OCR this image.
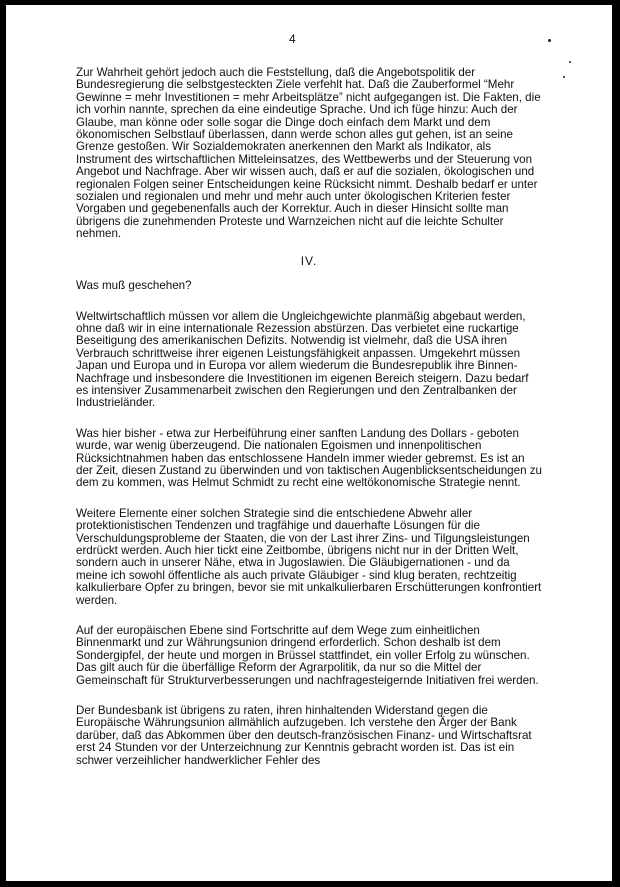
4

Zur Wahrheit gehört jedoch auch die Feststellung, daß die Angebotspolitik der Bundesregierung die selbstgesteckten Ziele verfehlt hat. Daß die Zauberformel “Mehr Gewinne = mehr Investitionen = mehr Arbeitsplätze” nicht aufgegangen ist. Die Fakten, die ich vorhin nannte, sprechen da eine eindeutige Sprache. Und ich füge hinzu: Auch der Glaube, man könne oder solle sogar die Dinge doch einfach dem Markt und dem ökonomischen Selbstlauf überlassen, dann werde schon alles gut gehen, ist an seine Grenze gestoßen. Wir Sozialdemokraten anerkennen den Markt als Indikator, als Instrument des wirtschaftlichen Mitteleinsatzes, des Wettbewerbs und der Steuerung von Angebot und Nachfrage. Aber wir wissen auch, daß er auf die sozialen, ökologischen und regionalen Folgen seiner Entscheidungen keine Rücksicht nimmt. Deshalb bedarf er unter sozialen und regionalen und mehr und mehr auch unter ökologischen Kriterien fester Vorgaben und gegebenenfalls auch der Korrektur. Auch in dieser Hinsicht sollte man übrigens die zunehmenden Proteste und Warnzeichen nicht auf die leichte Schulter nehmen.

IV.

Was muß geschehen?

Weltwirtschaftlich müssen vor allem die Ungleichgewichte planmäßig abgebaut werden, ohne daß wir in eine internationale Rezession abstürzen. Das verbietet eine ruckartige Beseitigung des amerikanischen Defizits. Notwendig ist vielmehr, daß die USA ihren Verbrauch schrittweise ihrer eigenen Leistungsfähigkeit anpassen. Umgekehrt müssen Japan und Europa und in Europa vor allem wiederum die Bundesrepublik ihre Binnen-Nachfrage und insbesondere die Investitionen im eigenen Bereich steigern. Dazu bedarf es intensiver Zusammenarbeit zwischen den Regierungen und den Zentralbanken der Industrieländer.

Was hier bisher - etwa zur Herbeiführung einer sanften Landung des Dollars - geboten wurde, war wenig überzeugend. Die nationalen Egoismen und innenpolitischen Rücksichtnahmen haben das entschlossene Handeln immer wieder gebremst. Es ist an der Zeit, diesen Zustand zu überwinden und von taktischen Augenblicksentscheidungen zu dem zu kommen, was Helmut Schmidt zu recht eine weltökonomische Strategie nennt.

Weitere Elemente einer solchen Strategie sind die entschiedene Abwehr aller protektionistischen Tendenzen und tragfähige und dauerhafte Lösungen für die Verschuldungsprobleme der Staaten, die von der Last ihrer Zins- und Tilgungsleistungen erdrückt werden. Auch hier tickt eine Zeitbombe, übrigens nicht nur in der Dritten Welt, sondern auch in unserer Nähe, etwa in Jugoslawien. Die Gläubigernationen - und da meine ich sowohl öffentliche als auch private Gläubiger - sind klug beraten, rechtzeitig kalkulierbare Opfer zu bringen, bevor sie mit unkalkulierbaren Erschütterungen konfrontiert werden.

Auf der europäischen Ebene sind Fortschritte auf dem Wege zum einheitlichen Binnenmarkt und zur Währungsunion dringend erforderlich. Schon deshalb ist dem Sondergipfel, der heute und morgen in Brüssel stattfindet, ein voller Erfolg zu wünschen. Das gilt auch für die überfällige Reform der Agrarpolitik, da nur so die Mittel der Gemeinschaft für Strukturverbesserungen und nachfragesteigernde Initiativen frei werden.

Der Bundesbank ist übrigens zu raten, ihren hinhaltenden Widerstand gegen die Europäische Währungsunion allmählich aufzugeben. Ich verstehe den Ärger der Bank darüber, daß das Abkommen über den deutsch-französischen Finanz- und Wirtschaftsrat erst 24 Stunden vor der Unterzeichnung zur Kenntnis gebracht worden ist. Das ist ein schwer verzeihlicher handwerklicher Fehler des
